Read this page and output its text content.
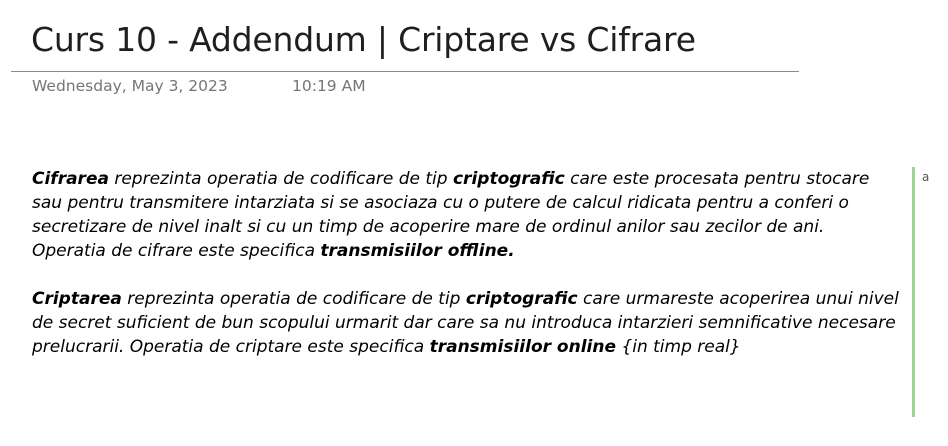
Curs 10 - Addendum | Criptare vs Cifrare
Wednesday, May 3, 2023	10:19 AM

Cifrarea reprezinta operatia de codificare de tip criptografic care este procesata pentru stocare sau pentru transmitere intarziata si se asociaza cu o putere de calcul ridicata pentru a conferi o secretizare de nivel inalt si cu un timp de acoperire mare de ordinul anilor sau zecilor de ani. Operatia de cifrare este specifica transmisiilor offline.

Criptarea reprezinta operatia de codificare de tip criptografic care urmareste acoperirea unui nivel de secret suficient de bun scopului urmarit dar care sa nu introduca intarzieri semnificative necesare prelucrarii. Operatia de criptare este specifica transmisiilor online {in timp real}

a
